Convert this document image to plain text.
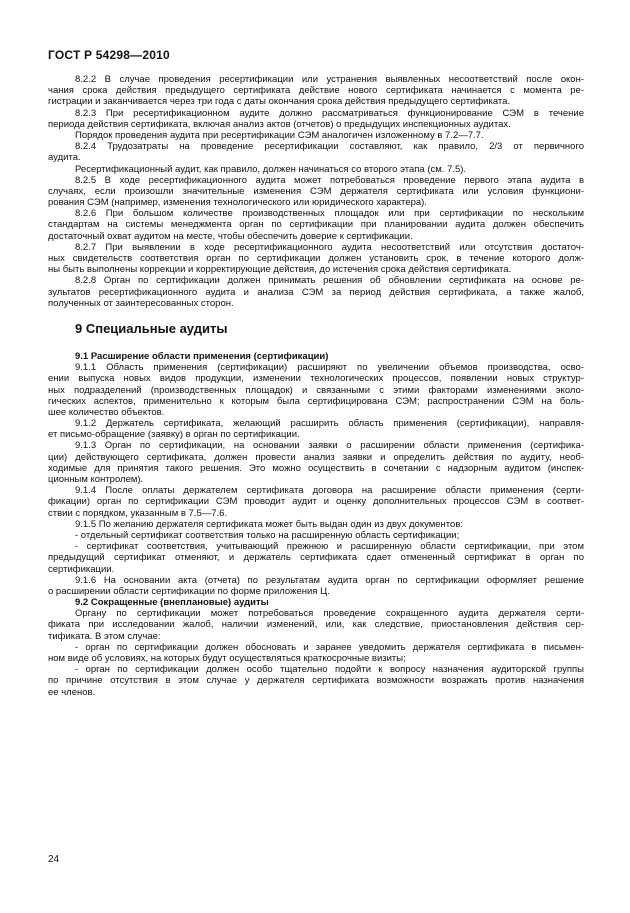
ГОСТ Р 54298—2010
8.2.2 В случае проведения ресертификации или устранения выявленных несоответствий после окон-
чания срока действия предыдущего сертификата действие нового сертификата начинается с момента ре-
гистрации и заканчивается через три года с даты окончания срока действия предыдущего сертификата.
8.2.3 При ресертификационном аудите должно рассматриваться функционирование СЭМ в течение
периода действия сертификата, включая анализ актов (отчетов) о предыдущих инспекционных аудитах.
Порядок проведения аудита при ресертификации СЭМ аналогичен изложенному в 7.2—7.7.
8.2.4 Трудозатраты на проведение ресертификации составляют, как правило, 2/3 от первичного
аудита.
Ресертификационный аудит, как правило, должен начинаться со второго этапа (см. 7.5).
8.2.5 В ходе ресертификационного аудита может потребоваться проведение первого этапа аудита в
случаях, если произошли значительные изменения СЭМ держателя сертификата или условия функциони-
рования СЭМ (например, изменения технологического или юридического характера).
8.2.6 При большом количестве производственных площадок или при сертификации по нескольким
стандартам на системы менеджмента орган по сертификации при планировании аудита должен обеспечить
достаточный охват аудитом на месте, чтобы обеспечить доверие к сертификации.
8.2.7 При выявлении в ходе ресертификационного аудита несоответствий или отсутствия достаточ-
ных свидетельств соответствия орган по сертификации должен установить срок, в течение которого долж-
ны быть выполнены коррекции и корректирующие действия, до истечения срока действия сертификата.
8.2.8 Орган по сертификации должен принимать решения об обновлении сертификата на основе ре-
зультатов ресертификационного аудита и анализа СЭМ за период действия сертификата, а также жалоб,
полученных от заинтересованных сторон.
9 Специальные аудиты
9.1 Расширение области применения (сертификации)
9.1.1 Область применения (сертификации) расширяют по увеличении объемов производства, осво-
ении выпуска новых видов продукции, изменении технологических процессов, появлении новых структур-
ных подразделений (производственных площадок) и связанными с этими факторами изменениями эколо-
гических аспектов, применительно к которым была сертифицирована СЭМ; распространении СЭМ на боль-
шее количество объектов.
9.1.2 Держатель сертификата, желающий расширить область применения (сертификации), направля-
ет письмо-обращение (заявку) в орган по сертификации.
9.1.3 Орган по сертификации, на основании заявки о расширении области применения (сертифика-
ции) действующего сертификата, должен провести анализ заявки и определить действия по аудиту, необ-
ходимые для принятия такого решения. Это можно осуществить в сочетании с надзорным аудитом (инспек-
ционным контролем).
9.1.4 После оплаты держателем сертификата договора на расширение области применения (серти-
фикации) орган по сертификации СЭМ проводит аудит и оценку дополнительных процессов СЭМ в соответ-
ствии с порядком, указанным в 7.5—7.6.
9.1.5 По желанию держателя сертификата может быть выдан один из двух документов:
- отдельный сертификат соответствия только на расширенную область сертификации;
- сертификат соответствия, учитывающий прежнюю и расширенную области сертификации, при этом
предыдущий сертификат отменяют, и держатель сертификата сдает отмененный сертификат в орган по
сертификации.
9.1.6 На основании акта (отчета) по результатам аудита орган по сертификации оформляет решение
о расширении области сертификации по форме приложения Ц.
9.2 Сокращенные (внеплановые) аудиты
Органу по сертификации может потребоваться проведение сокращенного аудита держателя серти-
фиката при исследовании жалоб, наличии изменений, или, как следствие, приостановления действия сер-
тификата. В этом случае:
- орган по сертификации должен обосновать и заранее уведомить держателя сертификата в письмен-
ном виде об условиях, на которых будут осуществляться краткосрочные визиты;
- орган по сертификации должен особо тщательно подойти к вопросу назначения аудиторской группы
по причине отсутствия в этом случае у держателя сертификата возможности возражать против назначения
ее членов.
24
